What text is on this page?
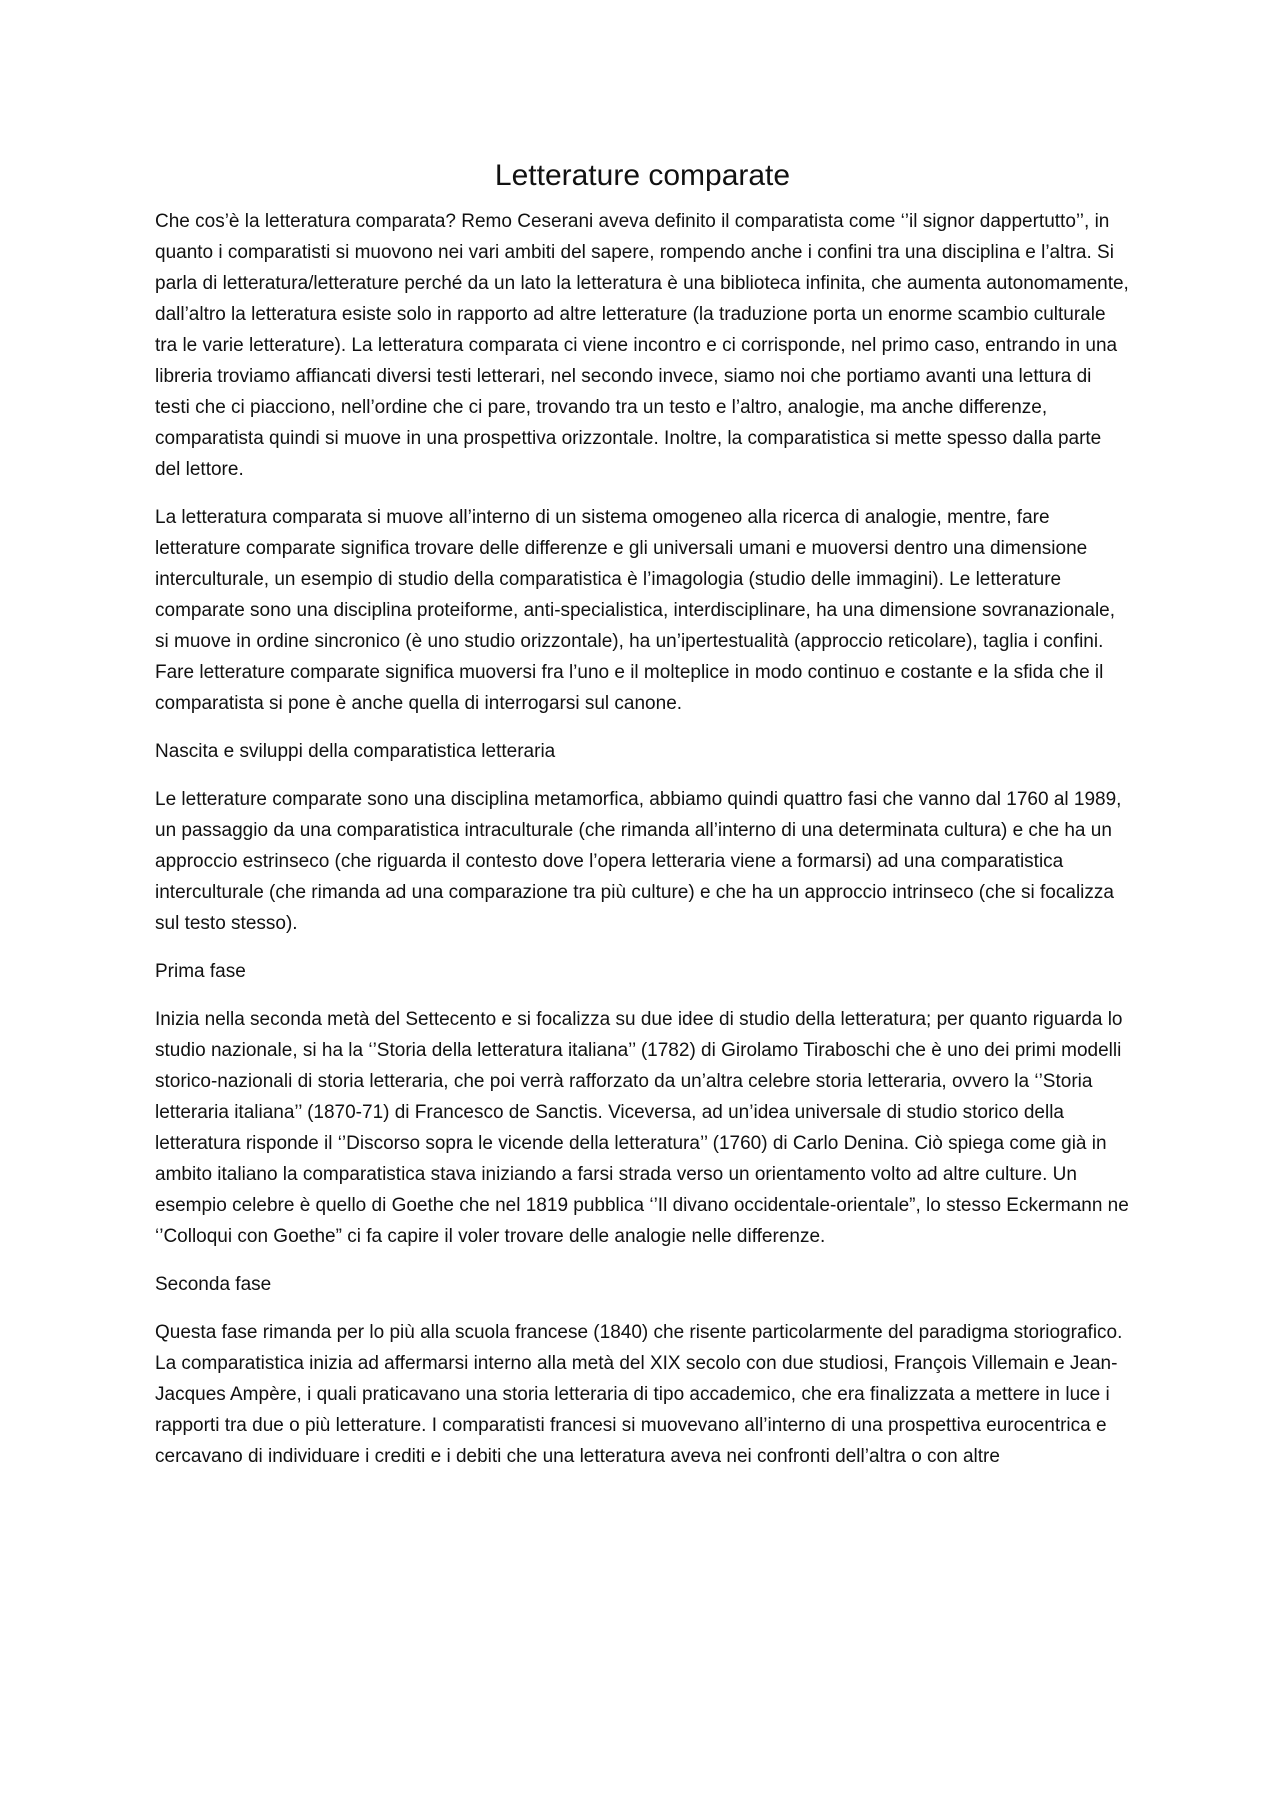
Letterature comparate

Che cos’è la letteratura comparata? Remo Ceserani aveva definito il comparatista come ‘’il signor dappertutto’’, in quanto i comparatisti si muovono nei vari ambiti del sapere, rompendo anche i confini tra una disciplina e l’altra. Si parla di letteratura/letterature perché da un lato la letteratura è una biblioteca infinita, che aumenta autonomamente, dall’altro la letteratura esiste solo in rapporto ad altre letterature (la traduzione porta un enorme scambio culturale tra le varie letterature). La letteratura comparata ci viene incontro e ci corrisponde, nel primo caso, entrando in una libreria troviamo affiancati diversi testi letterari, nel secondo invece, siamo noi che portiamo avanti una lettura di testi che ci piacciono, nell’ordine che ci pare, trovando tra un testo e l’altro, analogie, ma anche differenze, comparatista quindi si muove in una prospettiva orizzontale. Inoltre, la comparatistica si mette spesso dalla parte del lettore.

La letteratura comparata si muove all’interno di un sistema omogeneo alla ricerca di analogie, mentre, fare letterature comparate significa trovare delle differenze e gli universali umani e muoversi dentro una dimensione interculturale, un esempio di studio della comparatistica è l’imagologia (studio delle immagini). Le letterature comparate sono una disciplina proteiforme, anti-specialistica, interdisciplinare, ha una dimensione sovranazionale, si muove in ordine sincronico (è uno studio orizzontale), ha un’ipertestualità (approccio reticolare), taglia i confini. Fare letterature comparate significa muoversi fra l’uno e il molteplice in modo continuo e costante e la sfida che il comparatista si pone è anche quella di interrogarsi sul canone.

Nascita e sviluppi della comparatistica letteraria

Le letterature comparate sono una disciplina metamorfica, abbiamo quindi quattro fasi che vanno dal 1760 al 1989, un passaggio da una comparatistica intraculturale (che rimanda all’interno di una determinata cultura) e che ha un approccio estrinseco (che riguarda il contesto dove l’opera letteraria viene a formarsi) ad una comparatistica interculturale (che rimanda ad una comparazione tra più culture) e che ha un approccio intrinseco (che si focalizza sul testo stesso).

Prima fase

Inizia nella seconda metà del Settecento e si focalizza su due idee di studio della letteratura; per quanto riguarda lo studio nazionale, si ha la ‘’Storia della letteratura italiana’’ (1782) di Girolamo Tiraboschi che è uno dei primi modelli storico-nazionali di storia letteraria, che poi verrà rafforzato da un’altra celebre storia letteraria, ovvero la ‘’Storia letteraria italiana’’ (1870-71) di Francesco de Sanctis. Viceversa, ad un’idea universale di studio storico della letteratura risponde il ‘’Discorso sopra le vicende della letteratura’’ (1760) di Carlo Denina. Ciò spiega come già in ambito italiano la comparatistica stava iniziando a farsi strada verso un orientamento volto ad altre culture. Un esempio celebre è quello di Goethe che nel 1819 pubblica ‘’Il divano occidentale-orientale”, lo stesso Eckermann ne ‘’Colloqui con Goethe” ci fa capire il voler trovare delle analogie nelle differenze.

Seconda fase

Questa fase rimanda per lo più alla scuola francese (1840) che risente particolarmente del paradigma storiografico. La comparatistica inizia ad affermarsi interno alla metà del XIX secolo con due studiosi, François Villemain e Jean-Jacques Ampère, i quali praticavano una storia letteraria di tipo accademico, che era finalizzata a mettere in luce i rapporti tra due o più letterature. I comparatisti francesi si muovevano all’interno di una prospettiva eurocentrica e cercavano di individuare i crediti e i debiti che una letteratura aveva nei confronti dell’altra o con altre
